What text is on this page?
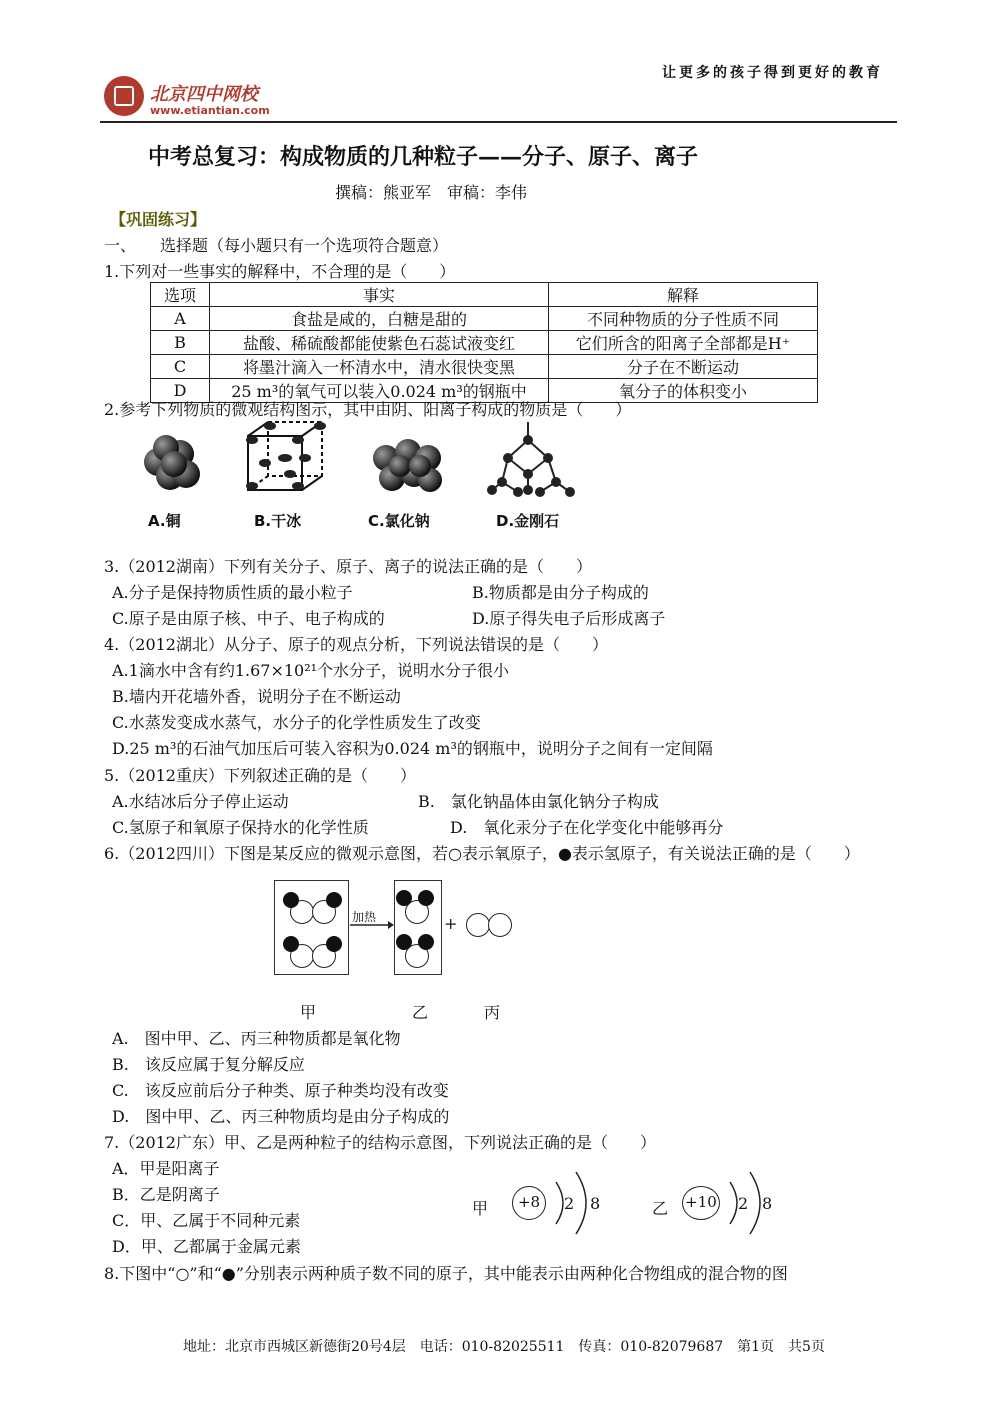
北京四中网校
www.etiantian.com
让更多的孩子得到更好的教育
中考总复习：构成物质的几种粒子——分子、原子、离子
撰稿：熊亚军　审稿：李伟
【巩固练习】
一、　　选择题（每小题只有一个选项符合题意）
1.下列对一些事实的解释中，不合理的是（　　）
选项	事实	解释
A	食盐是咸的，白糖是甜的	不同种物质的分子性质不同
B	盐酸、稀硫酸都能使紫色石蕊试液变红	它们所含的阳离子全部都是H⁺
C	将墨汁滴入一杯清水中，清水很快变黑	分子在不断运动
D	25 m³的氧气可以装入0.024 m³的钢瓶中	氧分子的体积变小
2.参考下列物质的微观结构图示，其中由阴、阳离子构成的物质是（　　）
A.铜	B.干冰	C.氯化钠	D.金刚石
3.（2012湖南）下列有关分子、原子、离子的说法正确的是（　　）
A.分子是保持物质性质的最小粒子	B.物质都是由分子构成的
C.原子是由原子核、中子、电子构成的	D.原子得失电子后形成离子
4.（2012湖北）从分子、原子的观点分析，下列说法错误的是（　　）
A.1滴水中含有约1.67×10²¹个水分子，说明水分子很小
B.墙内开花墙外香，说明分子在不断运动
C.水蒸发变成水蒸气，水分子的化学性质发生了改变
D.25 m³的石油气加压后可装入容积为0.024 m³的钢瓶中，说明分子之间有一定间隔
5.（2012重庆）下列叙述正确的是（　　）
A.水结冰后分子停止运动	B.　氯化钠晶体由氯化钠分子构成
C.氢原子和氧原子保持水的化学性质	D.　氧化汞分子在化学变化中能够再分
6.（2012四川）下图是某反应的微观示意图，若○表示氧原子，●表示氢原子，有关说法正确的是（　　）
加热	+
甲	乙	丙
A.　图中甲、乙、丙三种物质都是氧化物
B.　该反应属于复分解反应
C.　该反应前后分子种类、原子种类均没有改变
D.　图中甲、乙、丙三种物质均是由分子构成的
7.（2012广东）甲、乙是两种粒子的结构示意图，下列说法正确的是（　　）
A．甲是阳离子
B．乙是阴离子
C．甲、乙属于不同种元素
D．甲、乙都属于金属元素
甲	+8	2 8	乙 +10 2 8
8.下图中“○”和“●”分别表示两种质子数不同的原子，其中能表示由两种化合物组成的混合物的图
地址：北京市西城区新德街20号4层　电话：010-82025511　传真：010-82079687　第1页　共5页
